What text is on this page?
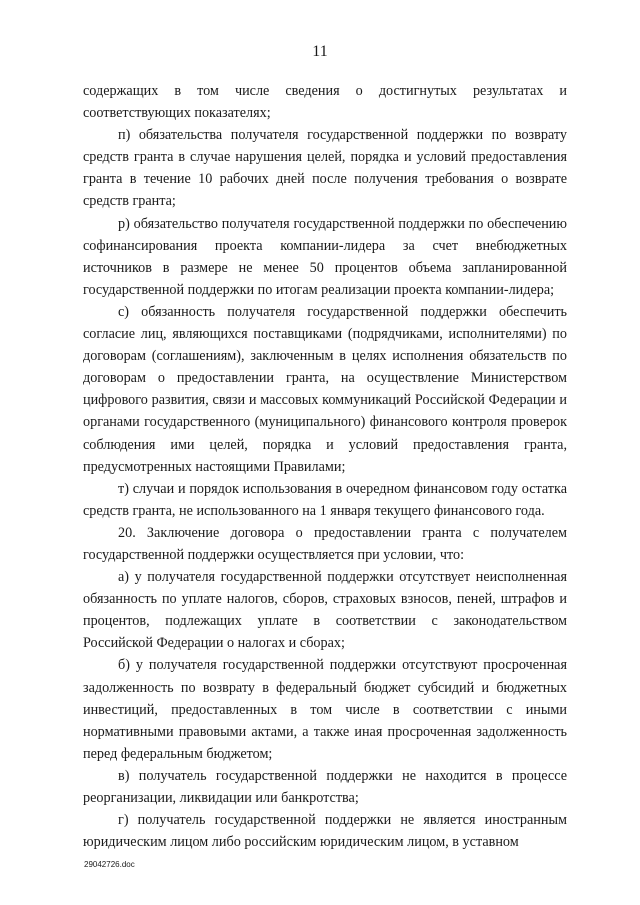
11

содержащих в том числе сведения о достигнутых результатах и соответствующих показателях;

п) обязательства получателя государственной поддержки по возврату средств гранта в случае нарушения целей, порядка и условий предоставления гранта в течение 10 рабочих дней после получения требования о возврате средств гранта;

р) обязательство получателя государственной поддержки по обеспечению софинансирования проекта компании-лидера за счет внебюджетных источников в размере не менее 50 процентов объема запланированной государственной поддержки по итогам реализации проекта компании-лидера;

с) обязанность получателя государственной поддержки обеспечить согласие лиц, являющихся поставщиками (подрядчиками, исполнителями) по договорам (соглашениям), заключенным в целях исполнения обязательств по договорам о предоставлении гранта, на осуществление Министерством цифрового развития, связи и массовых коммуникаций Российской Федерации и органами государственного (муниципального) финансового контроля проверок соблюдения ими целей, порядка и условий предоставления гранта, предусмотренных настоящими Правилами;

т) случаи и порядок использования в очередном финансовом году остатка средств гранта, не использованного на 1 января текущего финансового года.

20. Заключение договора о предоставлении гранта с получателем государственной поддержки осуществляется при условии, что:

а) у получателя государственной поддержки отсутствует неисполненная обязанность по уплате налогов, сборов, страховых взносов, пеней, штрафов и процентов, подлежащих уплате в соответствии с законодательством Российской Федерации о налогах и сборах;

б) у получателя государственной поддержки отсутствуют просроченная задолженность по возврату в федеральный бюджет субсидий и бюджетных инвестиций, предоставленных в том числе в соответствии с иными нормативными правовыми актами, а также иная просроченная задолженность перед федеральным бюджетом;

в) получатель государственной поддержки не находится в процессе реорганизации, ликвидации или банкротства;

г) получатель государственной поддержки не является иностранным юридическим лицом либо российским юридическим лицом, в уставном

29042726.doc
